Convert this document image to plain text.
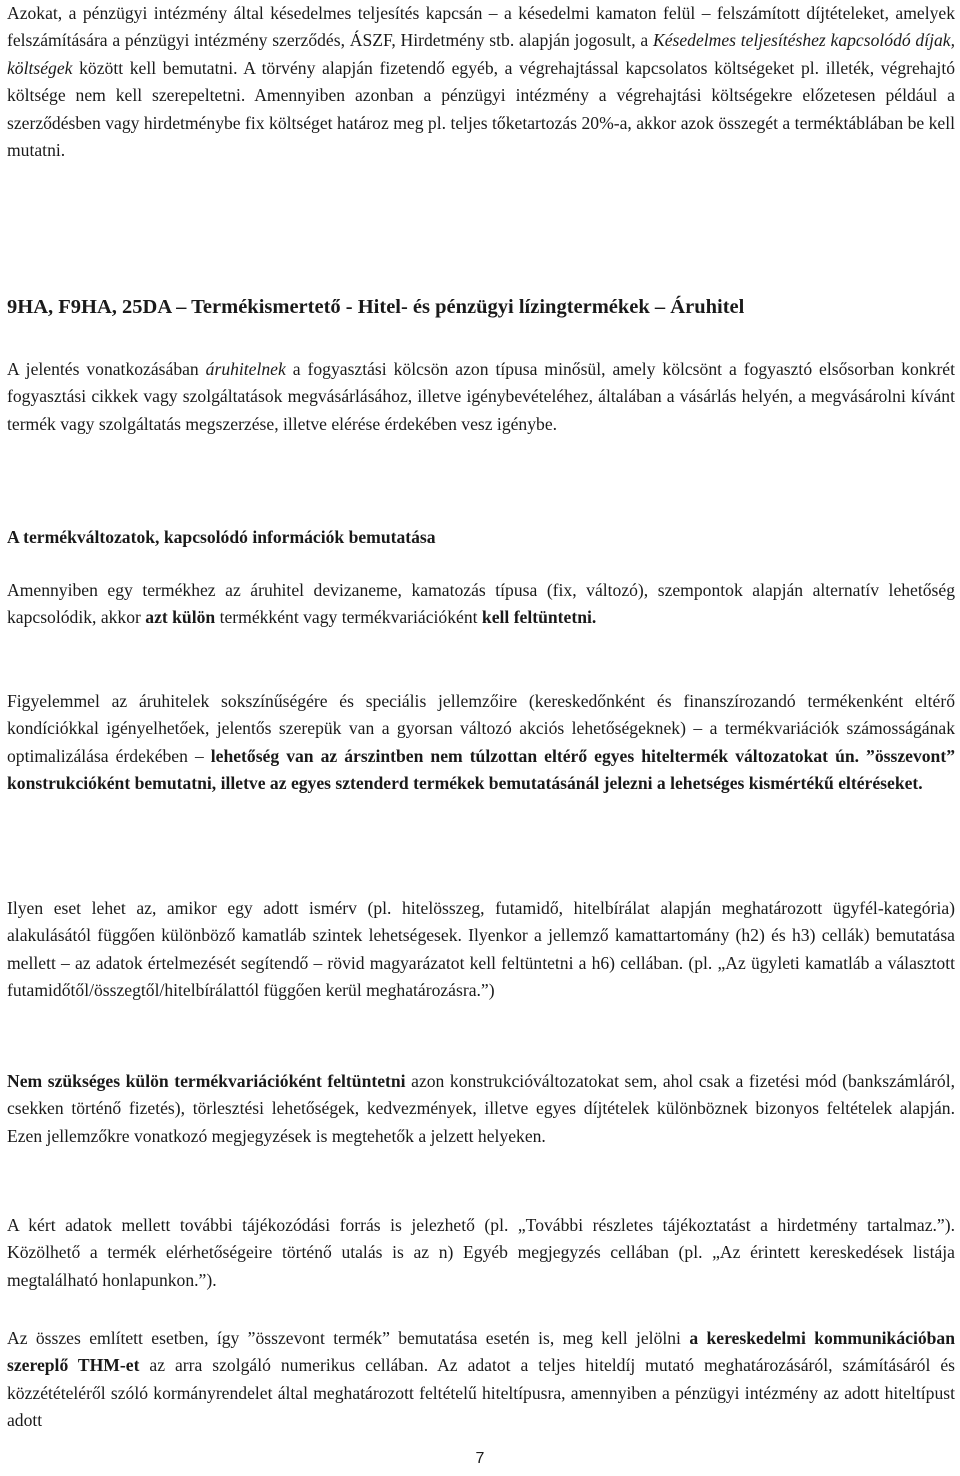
Azokat, a pénzügyi intézmény által késedelmes teljesítés kapcsán – a késedelmi kamaton felül – felszámított díjtételeket, amelyek felszámítására a pénzügyi intézmény szerződés, ÁSZF, Hirdetmény stb. alapján jogosult, a Késedelmes teljesítéshez kapcsolódó díjak, költségek között kell bemutatni. A törvény alapján fizetendő egyéb, a végrehajtással kapcsolatos költségeket pl. illeték, végrehajtó költsége nem kell szerepeltetni. Amennyiben azonban a pénzügyi intézmény a végrehajtási költségekre előzetesen például a szerződésben vagy hirdetménybe fix költséget határoz meg pl. teljes tőketartozás 20%-a, akkor azok összegét a terméktáblában be kell mutatni.

9HA, F9HA, 25DA – Termékismertető - Hitel- és pénzügyi lízingtermékek – Áruhitel

A jelentés vonatkozásában áruhitelnek a fogyasztási kölcsön azon típusa minősül, amely kölcsönt a fogyasztó elsősorban konkrét fogyasztási cikkek vagy szolgáltatások megvásárlásához, illetve igénybevételéhez, általában a vásárlás helyén, a megvásárolni kívánt termék vagy szolgáltatás megszerzése, illetve elérése érdekében vesz igénybe.

A termékváltozatok, kapcsolódó információk bemutatása

Amennyiben egy termékhez az áruhitel devizaneme, kamatozás típusa (fix, változó), szempontok alapján alternatív lehetőség kapcsolódik, akkor azt külön termékként vagy termékvariációként kell feltüntetni.

Figyelemmel az áruhitelek sokszínűségére és speciális jellemzőire (kereskedőnként és finanszírozandó termékenként eltérő kondíciókkal igényelhetőek, jelentős szerepük van a gyorsan változó akciós lehetőségeknek) – a termékvariációk számosságának optimalizálása érdekében – lehetőség van az árszintben nem túlzottan eltérő egyes hiteltermék változatokat ún. ”összevont” konstrukcióként bemutatni, illetve az egyes sztenderd termékek bemutatásánál jelezni a lehetséges kismértékű eltéréseket.

Ilyen eset lehet az, amikor egy adott ismérv (pl. hitelösszeg, futamidő, hitelbírálat alapján meghatározott ügyfél-kategória) alakulásától függően különböző kamatláb szintek lehetségesek. Ilyenkor a jellemző kamattartomány (h2) és h3) cellák) bemutatása mellett – az adatok értelmezését segítendő – rövid magyarázatot kell feltüntetni a h6) cellában. (pl. „Az ügyleti kamatláb a választott futamidőtől/összegtől/hitelbírálattól függően kerül meghatározásra.”)

Nem szükséges külön termékvariációként feltüntetni azon konstrukcióváltozatokat sem, ahol csak a fizetési mód (bankszámláról, csekken történő fizetés), törlesztési lehetőségek, kedvezmények, illetve egyes díjtételek különböznek bizonyos feltételek alapján. Ezen jellemzőkre vonatkozó megjegyzések is megtehetők a jelzett helyeken.

A kért adatok mellett további tájékozódási forrás is jelezhető (pl. „További részletes tájékoztatást a hirdetmény tartalmaz.”). Közölhető a termék elérhetőségeire történő utalás is az n) Egyéb megjegyzés cellában (pl. „Az érintett kereskedések listája megtalálható honlapunkon.”).

Az összes említett esetben, így ”összevont termék” bemutatása esetén is, meg kell jelölni a kereskedelmi kommunikációban szereplő THM-et az arra szolgáló numerikus cellában. Az adatot a teljes hiteldíj mutató meghatározásáról, számításáról és közzétételéről szóló kormányrendelet által meghatározott feltételű hiteltípusra, amennyiben a pénzügyi intézmény az adott hiteltípust adott

7
